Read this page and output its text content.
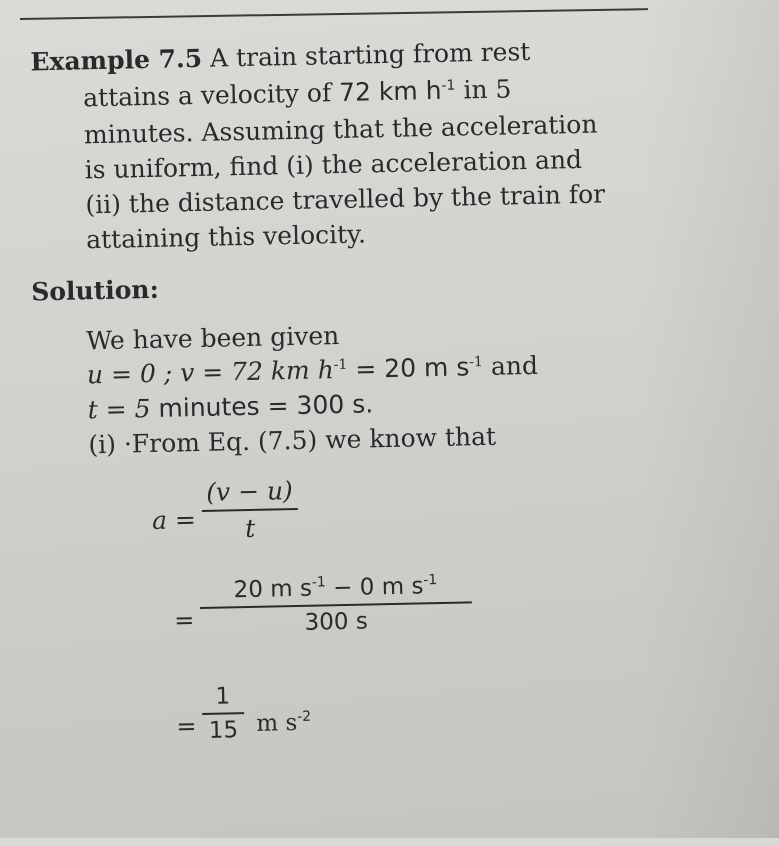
Example 7.5 A train starting from rest
attains a velocity of 72 km $h^{-1}$ in 5
minutes. Assuming that the acceleration
is uniform, find (i) the acceleration and
(ii) the distance travelled by the train for
attaining this velocity.
Solution:
We have been given
u = 0 ; v = 72 km $h^{-1} = 20$ m $s^{-1}$ and
t = 5 minutes = 300 s.
(i) ·From Eq. (7.5) we know that
a =
(v − u)
t
=
20 m $s^{-1} - 0$ m $s^{-1}$
300 s
=
1
15 m $s^{-2}$
